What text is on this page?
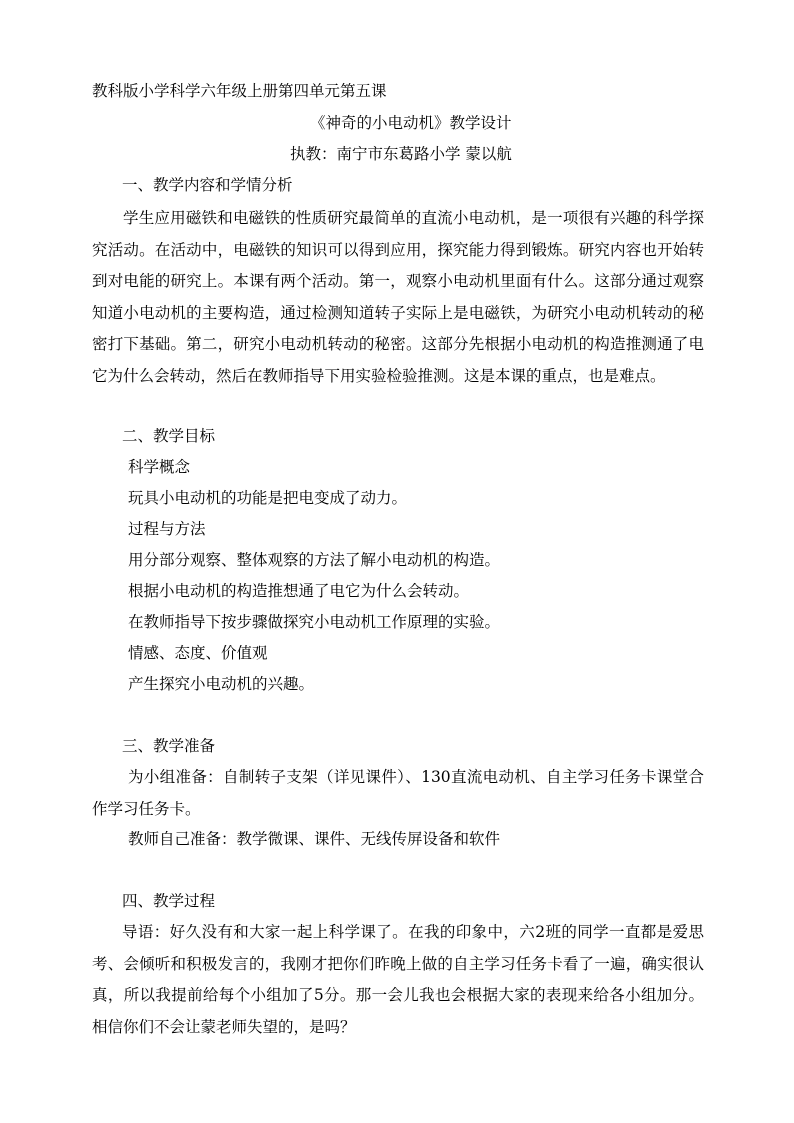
教科版小学科学六年级上册第四单元第五课
《神奇的小电动机》教学设计
执教：南宁市东葛路小学 蒙以航
一、教学内容和学情分析
学生应用磁铁和电磁铁的性质研究最简单的直流小电动机，是一项很有兴趣的科学探究活动。在活动中，电磁铁的知识可以得到应用，探究能力得到锻炼。研究内容也开始转到对电能的研究上。本课有两个活动。第一，观察小电动机里面有什么。这部分通过观察知道小电动机的主要构造，通过检测知道转子实际上是电磁铁，为研究小电动机转动的秘密打下基础。第二，研究小电动机转动的秘密。这部分先根据小电动机的构造推测通了电它为什么会转动，然后在教师指导下用实验检验推测。这是本课的重点，也是难点。
二、教学目标
科学概念
玩具小电动机的功能是把电变成了动力。
过程与方法
用分部分观察、整体观察的方法了解小电动机的构造。
根据小电动机的构造推想通了电它为什么会转动。
在教师指导下按步骤做探究小电动机工作原理的实验。
情感、态度、价值观
产生探究小电动机的兴趣。
三、教学准备
为小组准备：自制转子支架（详见课件）、130直流电动机、自主学习任务卡课堂合作学习任务卡。
教师自己准备：教学微课、课件、无线传屏设备和软件
四、教学过程
导语：好久没有和大家一起上科学课了。在我的印象中，六2班的同学一直都是爱思考、会倾听和积极发言的，我刚才把你们昨晚上做的自主学习任务卡看了一遍，确实很认真，所以我提前给每个小组加了5分。那一会儿我也会根据大家的表现来给各小组加分。相信你们不会让蒙老师失望的，是吗？
